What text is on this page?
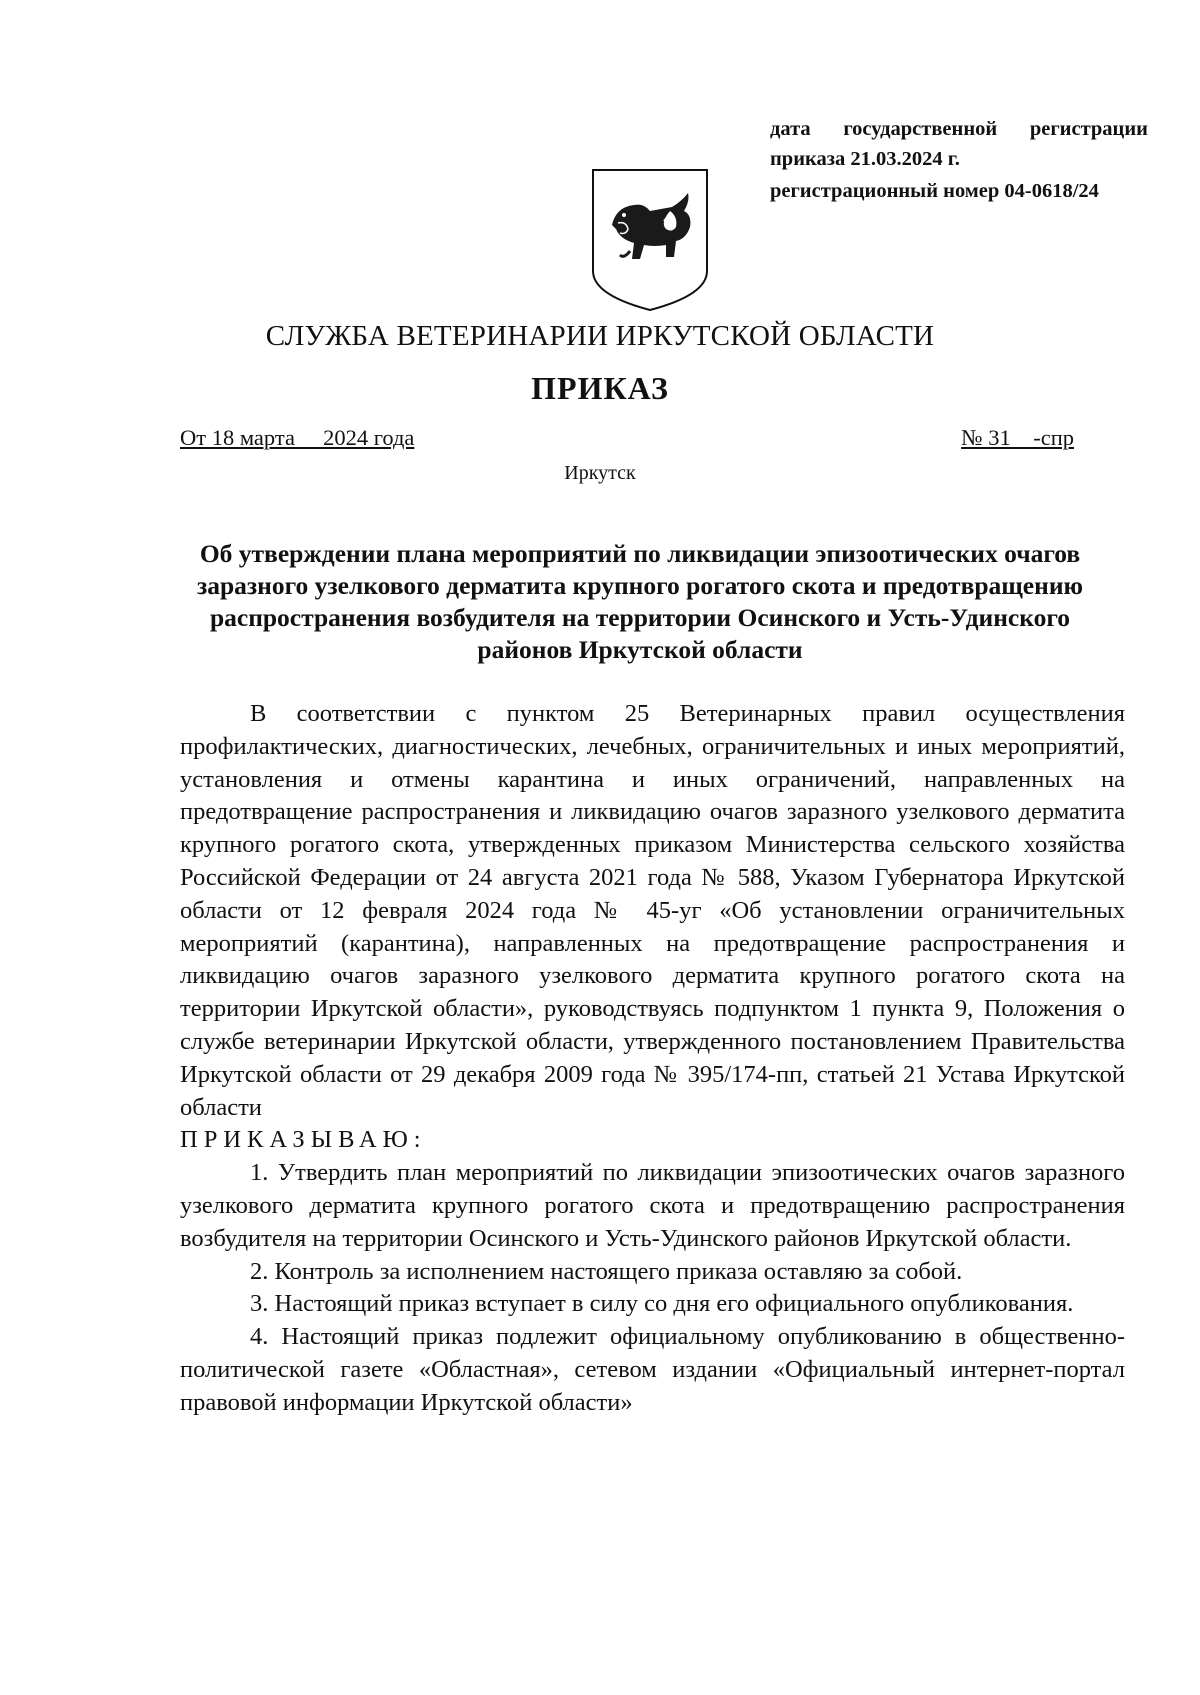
дата государственной регистрации
приказа 21.03.2024 г.
регистрационный номер 04-0618/24
СЛУЖБА ВЕТЕРИНАРИИ ИРКУТСКОЙ ОБЛАСТИ
ПРИКАЗ
От 18 марта     2024 года	№ 31    -спр
Иркутск
Об утверждении плана мероприятий по ликвидации эпизоотических очагов заразного узелкового дерматита крупного рогатого скота и предотвращению распространения возбудителя на территории Осинского и Усть-Удинского районов Иркутской области

В соответствии с пунктом 25 Ветеринарных правил осуществления профилактических, диагностических, лечебных, ограничительных и иных мероприятий, установления и отмены карантина и иных ограничений, направленных на предотвращение распространения и ликвидацию очагов заразного узелкового дерматита крупного рогатого скота, утвержденных приказом Министерства сельского хозяйства Российской Федерации от 24 августа 2021 года № 588, Указом Губернатора Иркутской области от 12 февраля 2024 года № 45-уг «Об установлении ограничительных мероприятий (карантина), направленных на предотвращение распространения и ликвидацию очагов заразного узелкового дерматита крупного рогатого скота на территории Иркутской области», руководствуясь подпунктом 1 пункта 9, Положения о службе ветеринарии Иркутской области, утвержденного постановлением Правительства Иркутской области от 29 декабря 2009 года № 395/174-пп, статьей 21 Устава Иркутской области

ПРИКАЗЫВАЮ:

1. Утвердить план мероприятий по ликвидации эпизоотических очагов заразного узелкового дерматита крупного рогатого скота и предотвращению распространения возбудителя на территории Осинского и Усть-Удинского районов Иркутской области.

2. Контроль за исполнением настоящего приказа оставляю за собой.

3. Настоящий приказ вступает в силу со дня его официального опубликования.

4. Настоящий приказ подлежит официальному опубликованию в общественно-политической газете «Областная», сетевом издании «Официальный интернет-портал правовой информации Иркутской области»
